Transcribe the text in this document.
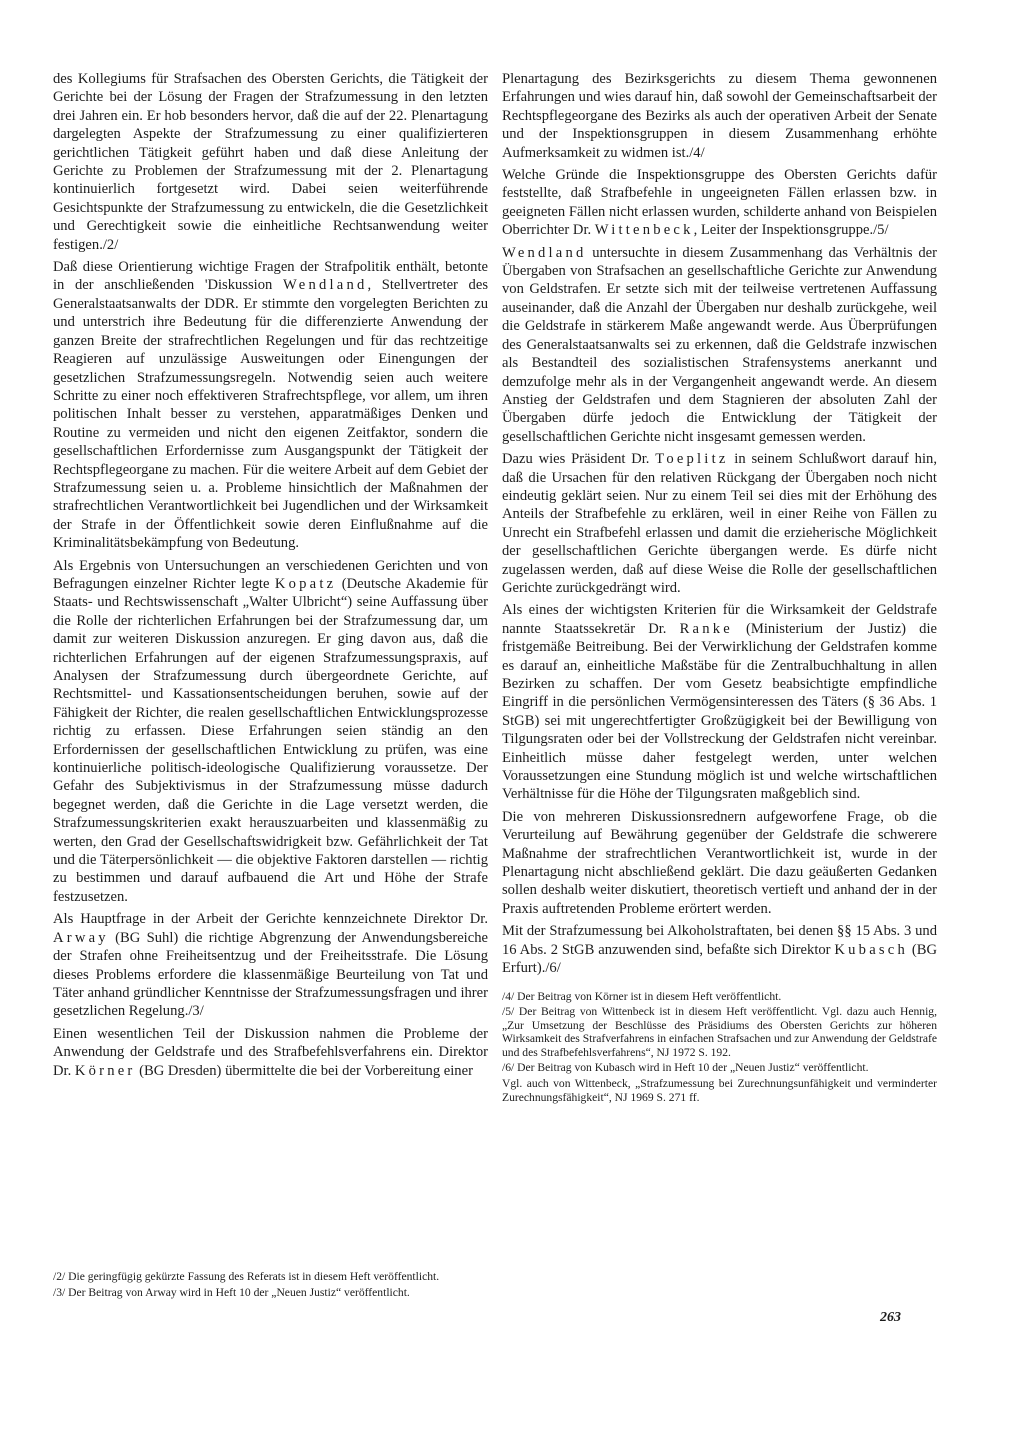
des Kollegiums für Strafsachen des Obersten Gerichts, die Tätigkeit der Gerichte bei der Lösung der Fragen der Strafzumessung in den letzten drei Jahren ein. Er hob besonders hervor, daß die auf der 22. Plenartagung dargelegten Aspekte der Strafzumessung zu einer qualifizierteren gerichtlichen Tätigkeit geführt haben und daß diese Anleitung der Gerichte zu Problemen der Strafzumessung mit der 2. Plenartagung kontinuierlich fortgesetzt wird. Dabei seien weiterführende Gesichtspunkte der Strafzumessung zu entwickeln, die die Gesetzlichkeit und Gerechtigkeit sowie die einheitliche Rechtsanwendung weiter festigen./2/

Daß diese Orientierung wichtige Fragen der Strafpolitik enthält, betonte in der anschließenden 'Diskussion Wendland, Stellvertreter des Generalstaatsanwalts der DDR. Er stimmte den vorgelegten Berichten zu und unterstrich ihre Bedeutung für die differenzierte Anwendung der ganzen Breite der strafrechtlichen Regelungen und für das rechtzeitige Reagieren auf unzulässige Ausweitungen oder Einengungen der gesetzlichen Strafzumessungsregeln. Notwendig seien auch weitere Schritte zu einer noch effektiveren Strafrechtspflege, vor allem, um ihren politischen Inhalt besser zu verstehen, apparatmäßiges Denken und Routine zu vermeiden und nicht den eigenen Zeitfaktor, sondern die gesellschaftlichen Erfordernisse zum Ausgangspunkt der Tätigkeit der Rechtspflegeorgane zu machen. Für die weitere Arbeit auf dem Gebiet der Strafzumessung seien u. a. Probleme hinsichtlich der Maßnahmen der strafrechtlichen Verantwortlichkeit bei Jugendlichen und der Wirksamkeit der Strafe in der Öffentlichkeit sowie deren Einflußnahme auf die Kriminalitätsbekämpfung von Bedeutung.

Als Ergebnis von Untersuchungen an verschiedenen Gerichten und von Befragungen einzelner Richter legte Kopatz (Deutsche Akademie für Staats- und Rechtswissenschaft „Walter Ulbricht“) seine Auffassung über die Rolle der richterlichen Erfahrungen bei der Strafzumessung dar, um damit zur weiteren Diskussion anzuregen. Er ging davon aus, daß die richterlichen Erfahrungen auf der eigenen Strafzumessungspraxis, auf Analysen der Strafzumessung durch übergeordnete Gerichte, auf Rechtsmittel- und Kassationsentscheidungen beruhen, sowie auf der Fähigkeit der Richter, die realen gesellschaftlichen Entwicklungsprozesse richtig zu erfassen. Diese Erfahrungen seien ständig an den Erfordernissen der gesellschaftlichen Entwicklung zu prüfen, was eine kontinuierliche politisch-ideologische Qualifizierung voraussetze. Der Gefahr des Subjektivismus in der Strafzumessung müsse dadurch begegnet werden, daß die Gerichte in die Lage versetzt werden, die Strafzumessungskriterien exakt herauszuarbeiten und klassenmäßig zu werten, den Grad der Gesellschaftswidrigkeit bzw. Gefährlichkeit der Tat und die Täterpersönlichkeit — die objektive Faktoren darstellen — richtig zu bestimmen und darauf aufbauend die Art und Höhe der Strafe festzusetzen.

Als Hauptfrage in der Arbeit der Gerichte kennzeichnete Direktor Dr. Arway (BG Suhl) die richtige Abgrenzung der Anwendungsbereiche der Strafen ohne Freiheitsentzug und der Freiheitsstrafe. Die Lösung dieses Problems erfordere die klassenmäßige Beurteilung von Tat und Täter anhand gründlicher Kenntnisse der Strafzumessungsfragen und ihrer gesetzlichen Regelung./3/

Einen wesentlichen Teil der Diskussion nahmen die Probleme der Anwendung der Geldstrafe und des Strafbefehlsverfahrens ein. Direktor Dr. Körner (BG Dresden) übermittelte die bei der Vorbereitung einer

/2/ Die geringfügig gekürzte Fassung des Referats ist in diesem Heft veröffentlicht.

/3/ Der Beitrag von Arway wird in Heft 10 der „Neuen Justiz“ veröffentlicht.

Plenartagung des Bezirksgerichts zu diesem Thema gewonnenen Erfahrungen und wies darauf hin, daß sowohl der Gemeinschaftsarbeit der Rechtspflegeorgane des Bezirks als auch der operativen Arbeit der Senate und der Inspektionsgruppen in diesem Zusammenhang erhöhte Aufmerksamkeit zu widmen ist./4/

Welche Gründe die Inspektionsgruppe des Obersten Gerichts dafür feststellte, daß Strafbefehle in ungeeigneten Fällen erlassen bzw. in geeigneten Fällen nicht erlassen wurden, schilderte anhand von Beispielen Oberrichter Dr. Wittenbeck, Leiter der Inspektionsgruppe./5/

Wendland untersuchte in diesem Zusammenhang das Verhältnis der Übergaben von Strafsachen an gesellschaftliche Gerichte zur Anwendung von Geldstrafen. Er setzte sich mit der teilweise vertretenen Auffassung auseinander, daß die Anzahl der Übergaben nur deshalb zurückgehe, weil die Geldstrafe in stärkerem Maße angewandt werde. Aus Überprüfungen des Generalstaatsanwalts sei zu erkennen, daß die Geldstrafe inzwischen als Bestandteil des sozialistischen Strafensystems anerkannt und demzufolge mehr als in der Vergangenheit angewandt werde. An diesem Anstieg der Geldstrafen und dem Stagnieren der absoluten Zahl der Übergaben dürfe jedoch die Entwicklung der Tätigkeit der gesellschaftlichen Gerichte nicht insgesamt gemessen werden.

Dazu wies Präsident Dr. Toeplitz in seinem Schlußwort darauf hin, daß die Ursachen für den relativen Rückgang der Übergaben noch nicht eindeutig geklärt seien. Nur zu einem Teil sei dies mit der Erhöhung des Anteils der Strafbefehle zu erklären, weil in einer Reihe von Fällen zu Unrecht ein Strafbefehl erlassen und damit die erzieherische Möglichkeit der gesellschaftlichen Gerichte übergangen werde. Es dürfe nicht zugelassen werden, daß auf diese Weise die Rolle der gesellschaftlichen Gerichte zurückgedrängt wird.

Als eines der wichtigsten Kriterien für die Wirksamkeit der Geldstrafe nannte Staatssekretär Dr. Ranke (Ministerium der Justiz) die fristgemäße Beitreibung. Bei der Verwirklichung der Geldstrafen komme es darauf an, einheitliche Maßstäbe für die Zentralbuchhaltung in allen Bezirken zu schaffen. Der vom Gesetz beabsichtigte empfindliche Eingriff in die persönlichen Vermögensinteressen des Täters (§ 36 Abs. 1 StGB) sei mit ungerechtfertigter Großzügigkeit bei der Bewilligung von Tilgungsraten oder bei der Vollstreckung der Geldstrafen nicht vereinbar. Einheitlich müsse daher festgelegt werden, unter welchen Voraussetzungen eine Stundung möglich ist und welche wirtschaftlichen Verhältnisse für die Höhe der Tilgungsraten maßgeblich sind.

Die von mehreren Diskussionsrednern aufgeworfene Frage, ob die Verurteilung auf Bewährung gegenüber der Geldstrafe die schwerere Maßnahme der strafrechtlichen Verantwortlichkeit ist, wurde in der Plenartagung nicht abschließend geklärt. Die dazu geäußerten Gedanken sollen deshalb weiter diskutiert, theoretisch vertieft und anhand der in der Praxis auftretenden Probleme erörtert werden.

Mit der Strafzumessung bei Alkoholstraftaten, bei denen §§ 15 Abs. 3 und 16 Abs. 2 StGB anzuwenden sind, befaßte sich Direktor Kubasch (BG Erfurt)./6/

/4/ Der Beitrag von Körner ist in diesem Heft veröffentlicht.

/5/ Der Beitrag von Wittenbeck ist in diesem Heft veröffentlicht. Vgl. dazu auch Hennig, „Zur Umsetzung der Beschlüsse des Präsidiums des Obersten Gerichts zur höheren Wirksamkeit des Strafverfahrens in einfachen Strafsachen und zur Anwendung der Geldstrafe und des Strafbefehlsverfahrens“, NJ 1972 S. 192.

/6/ Der Beitrag von Kubasch wird in Heft 10 der „Neuen Justiz“ veröffentlicht.

Vgl. auch von Wittenbeck, „Strafzumessung bei Zurechnungsunfähigkeit und verminderter Zurechnungsfähigkeit“, NJ 1969 S. 271 ff.

263
